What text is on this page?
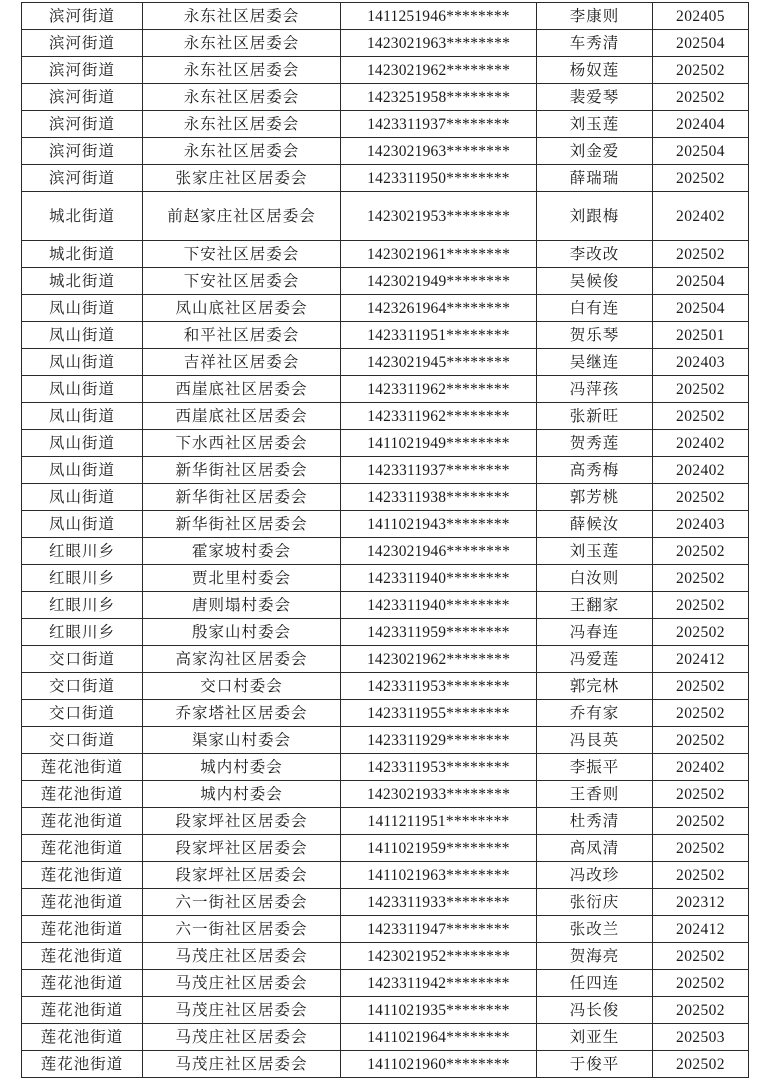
滨河街道	永东社区居委会	1411251946********	李康则	202405
滨河街道	永东社区居委会	1423021963********	车秀清	202504
滨河街道	永东社区居委会	1423021962********	杨奴莲	202502
滨河街道	永东社区居委会	1423251958********	裴爱琴	202502
滨河街道	永东社区居委会	1423311937********	刘玉莲	202404
滨河街道	永东社区居委会	1423021963********	刘金爱	202504
滨河街道	张家庄社区居委会	1423311950********	薛瑞瑞	202502
城北街道	前赵家庄社区居委会	1423021953********	刘跟梅	202402
城北街道	下安社区居委会	1423021961********	李改改	202502
城北街道	下安社区居委会	1423021949********	吴候俊	202504
凤山街道	凤山底社区居委会	1423261964********	白有连	202504
凤山街道	和平社区居委会	1423311951********	贺乐琴	202501
凤山街道	吉祥社区居委会	1423021945********	吴继连	202403
凤山街道	西崖底社区居委会	1423311962********	冯萍孩	202502
凤山街道	西崖底社区居委会	1423311962********	张新旺	202502
凤山街道	下水西社区居委会	1411021949********	贺秀莲	202402
凤山街道	新华街社区居委会	1423311937********	高秀梅	202402
凤山街道	新华街社区居委会	1423311938********	郭芳桃	202502
凤山街道	新华街社区居委会	1411021943********	薛候汝	202403
红眼川乡	霍家坡村委会	1423021946********	刘玉莲	202502
红眼川乡	贾北里村委会	1423311940********	白汝则	202502
红眼川乡	唐则塌村委会	1423311940********	王翻家	202502
红眼川乡	殷家山村委会	1423311959********	冯春连	202502
交口街道	高家沟社区居委会	1423021962********	冯爱莲	202412
交口街道	交口村委会	1423311953********	郭完林	202502
交口街道	乔家塔社区居委会	1423311955********	乔有家	202502
交口街道	渠家山村委会	1423311929********	冯艮英	202502
莲花池街道	城内村委会	1423311953********	李振平	202402
莲花池街道	城内村委会	1423021933********	王香则	202502
莲花池街道	段家坪社区居委会	1411211951********	杜秀清	202502
莲花池街道	段家坪社区居委会	1411021959********	高凤清	202502
莲花池街道	段家坪社区居委会	1411021963********	冯改珍	202502
莲花池街道	六一街社区居委会	1423311933********	张衍庆	202312
莲花池街道	六一街社区居委会	1423311947********	张改兰	202412
莲花池街道	马茂庄社区居委会	1423021952********	贺海亮	202502
莲花池街道	马茂庄社区居委会	1423311942********	任四连	202502
莲花池街道	马茂庄社区居委会	1411021935********	冯长俊	202502
莲花池街道	马茂庄社区居委会	1411021964********	刘亚生	202503
莲花池街道	马茂庄社区居委会	1411021960********	于俊平	202502
